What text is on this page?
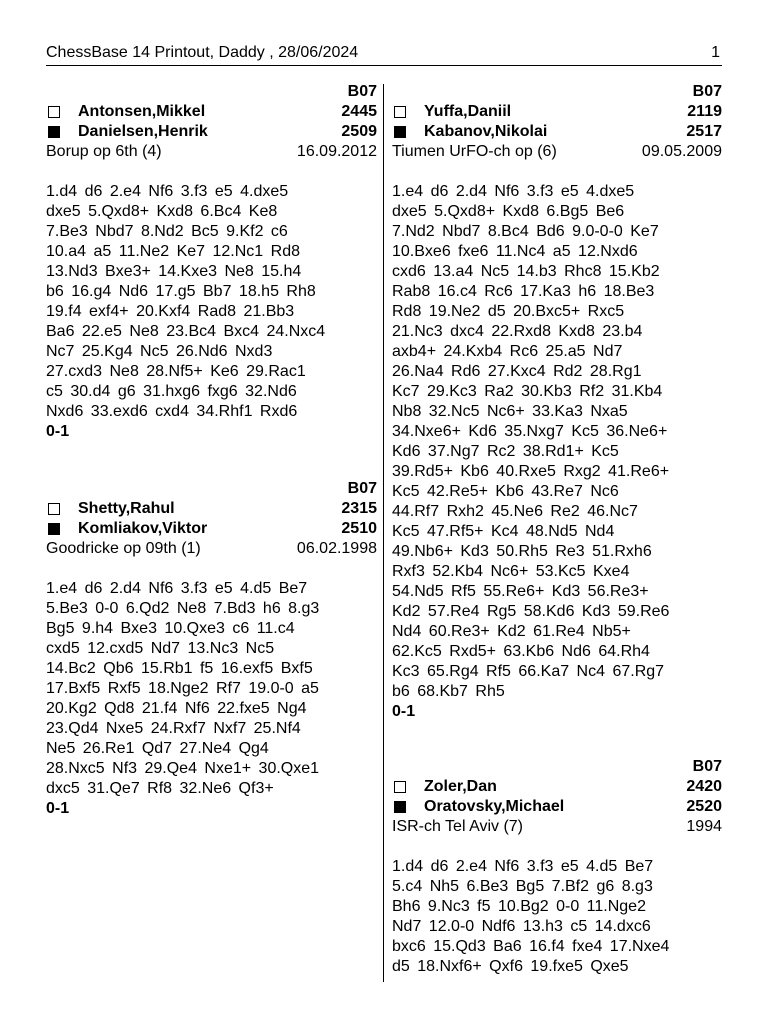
ChessBase 14 Printout, Daddy , 28/06/2024	1
B07
Antonsen,Mikkel	2445
Danielsen,Henrik	2509
Borup op 6th (4)	16.09.2012
1.d4 d6 2.e4 Nf6 3.f3 e5 4.dxe5
dxe5 5.Qxd8+ Kxd8 6.Bc4 Ke8
7.Be3 Nbd7 8.Nd2 Bc5 9.Kf2 c6
10.a4 a5 11.Ne2 Ke7 12.Nc1 Rd8
13.Nd3 Bxe3+ 14.Kxe3 Ne8 15.h4
b6 16.g4 Nd6 17.g5 Bb7 18.h5 Rh8
19.f4 exf4+ 20.Kxf4 Rad8 21.Bb3
Ba6 22.e5 Ne8 23.Bc4 Bxc4 24.Nxc4
Nc7 25.Kg4 Nc5 26.Nd6 Nxd3
27.cxd3 Ne8 28.Nf5+ Ke6 29.Rac1
c5 30.d4 g6 31.hxg6 fxg6 32.Nd6
Nxd6 33.exd6 cxd4 34.Rhf1 Rxd6
0-1
B07
Shetty,Rahul	2315
Komliakov,Viktor	2510
Goodricke op 09th (1)	06.02.1998
1.e4 d6 2.d4 Nf6 3.f3 e5 4.d5 Be7
5.Be3 0-0 6.Qd2 Ne8 7.Bd3 h6 8.g3
Bg5 9.h4 Bxe3 10.Qxe3 c6 11.c4
cxd5 12.cxd5 Nd7 13.Nc3 Nc5
14.Bc2 Qb6 15.Rb1 f5 16.exf5 Bxf5
17.Bxf5 Rxf5 18.Nge2 Rf7 19.0-0 a5
20.Kg2 Qd8 21.f4 Nf6 22.fxe5 Ng4
23.Qd4 Nxe5 24.Rxf7 Nxf7 25.Nf4
Ne5 26.Re1 Qd7 27.Ne4 Qg4
28.Nxc5 Nf3 29.Qe4 Nxe1+ 30.Qxe1
dxc5 31.Qe7 Rf8 32.Ne6 Qf3+
0-1
B07
Yuffa,Daniil	2119
Kabanov,Nikolai	2517
Tiumen UrFO-ch op (6)	09.05.2009
1.e4 d6 2.d4 Nf6 3.f3 e5 4.dxe5
dxe5 5.Qxd8+ Kxd8 6.Bg5 Be6
7.Nd2 Nbd7 8.Bc4 Bd6 9.0-0-0 Ke7
10.Bxe6 fxe6 11.Nc4 a5 12.Nxd6
cxd6 13.a4 Nc5 14.b3 Rhc8 15.Kb2
Rab8 16.c4 Rc6 17.Ka3 h6 18.Be3
Rd8 19.Ne2 d5 20.Bxc5+ Rxc5
21.Nc3 dxc4 22.Rxd8 Kxd8 23.b4
axb4+ 24.Kxb4 Rc6 25.a5 Nd7
26.Na4 Rd6 27.Kxc4 Rd2 28.Rg1
Kc7 29.Kc3 Ra2 30.Kb3 Rf2 31.Kb4
Nb8 32.Nc5 Nc6+ 33.Ka3 Nxa5
34.Nxe6+ Kd6 35.Nxg7 Kc5 36.Ne6+
Kd6 37.Ng7 Rc2 38.Rd1+ Kc5
39.Rd5+ Kb6 40.Rxe5 Rxg2 41.Re6+
Kc5 42.Re5+ Kb6 43.Re7 Nc6
44.Rf7 Rxh2 45.Ne6 Re2 46.Nc7
Kc5 47.Rf5+ Kc4 48.Nd5 Nd4
49.Nb6+ Kd3 50.Rh5 Re3 51.Rxh6
Rxf3 52.Kb4 Nc6+ 53.Kc5 Kxe4
54.Nd5 Rf5 55.Re6+ Kd3 56.Re3+
Kd2 57.Re4 Rg5 58.Kd6 Kd3 59.Re6
Nd4 60.Re3+ Kd2 61.Re4 Nb5+
62.Kc5 Rxd5+ 63.Kb6 Nd6 64.Rh4
Kc3 65.Rg4 Rf5 66.Ka7 Nc4 67.Rg7
b6 68.Kb7 Rh5
0-1
B07
Zoler,Dan	2420
Oratovsky,Michael	2520
ISR-ch Tel Aviv (7)	1994
1.d4 d6 2.e4 Nf6 3.f3 e5 4.d5 Be7
5.c4 Nh5 6.Be3 Bg5 7.Bf2 g6 8.g3
Bh6 9.Nc3 f5 10.Bg2 0-0 11.Nge2
Nd7 12.0-0 Ndf6 13.h3 c5 14.dxc6
bxc6 15.Qd3 Ba6 16.f4 fxe4 17.Nxe4
d5 18.Nxf6+ Qxf6 19.fxe5 Qxe5
